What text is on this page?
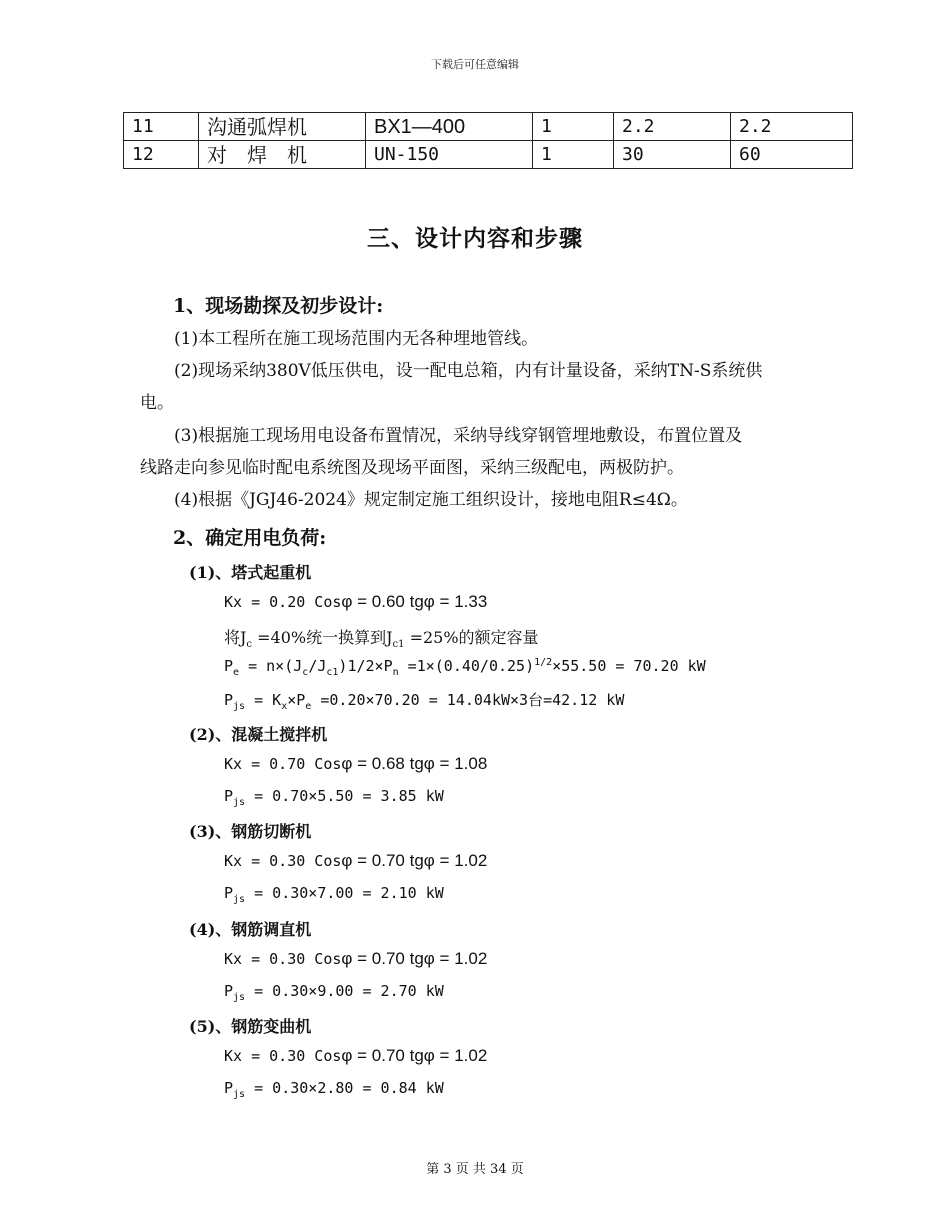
下载后可任意编辑
11	沟通弧焊机	BX1—400	1	2.2	2.2
12	对焊机	UN-150	1	30	60
三、设计内容和步骤

1、现场勘探及初步设计:

(1)本工程所在施工现场范围内无各种埋地管线。

(2)现场采纳380V低压供电，设一配电总箱，内有计量设备，采纳TN-S系统供

电。

(3)根据施工现场用电设备布置情况，采纳导线穿钢管埋地敷设，布置位置及

线路走向参见临时配电系统图及现场平面图，采纳三级配电，两极防护。

(4)根据《JGJ46-2024》规定制定施工组织设计，接地电阻R≤4Ω。

2、确定用电负荷:

(1)、塔式起重机

Kx = 0.20 Cosφ = 0.60 tgφ = 1.33

将$J_c =40\%$统一换算到$J_{c1} =25\%$的额定容量

$P_e = n\times(J_c/J_{c1})1/2\times P_n =1\times(0.40/0.25)^{1/2}\times 55.50 = 70.20$ kW

$P_{js} = K_x\times P_e =0.20\times 70.20 = 14.04kW\times 3$台=42.12 kW

(2)、混凝土搅拌机

Kx = 0.70 Cosφ = 0.68 tgφ = 1.08

$P_{js} = 0.70\times 5.50 = 3.85$ kW

(3)、钢筋切断机

Kx = 0.30 Cosφ = 0.70 tgφ = 1.02

$P_{js} = 0.30\times 7.00 = 2.10$ kW

(4)、钢筋调直机

Kx = 0.30 Cosφ = 0.70 tgφ = 1.02

$P_{js} = 0.30\times 9.00 = 2.70$ kW

(5)、钢筋变曲机

Kx = 0.30 Cosφ = 0.70 tgφ = 1.02

$P_{js} = 0.30\times 2.80 = 0.84$ kW

第 3 页 共 34 页
